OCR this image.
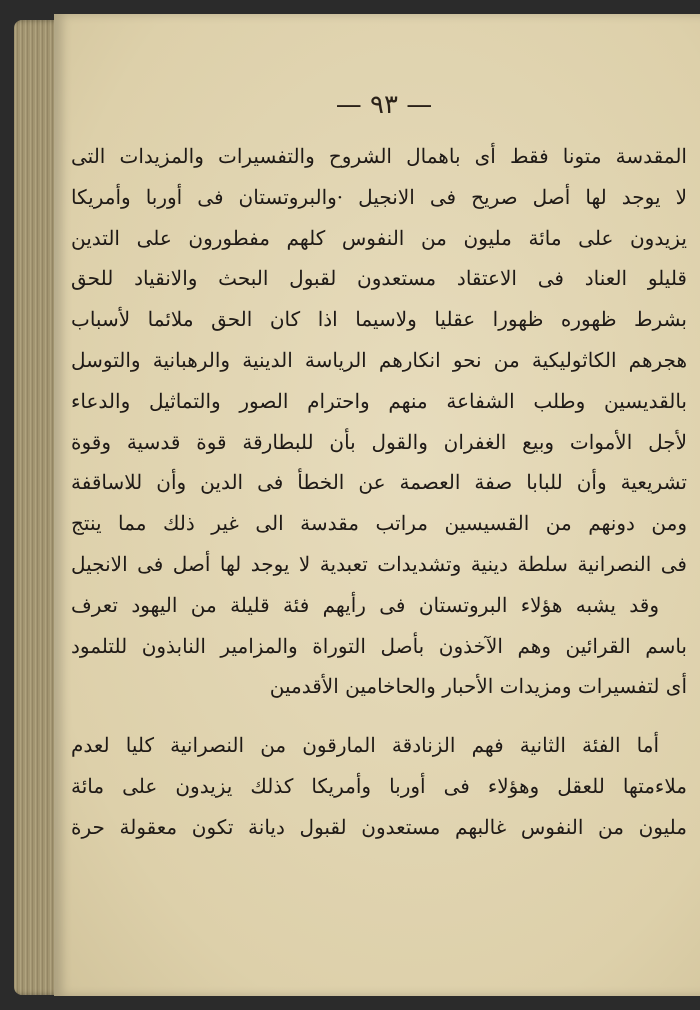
— ٩٣ —
المقدسة متونا فقط أى باهمال الشروح والتفسيرات والمزيدات التى
لا يوجد لها أصل صريح فى الانجيل ·والبروتستان فى أوربا وأمريكا
يزيدون على مائة مليون من النفوس كلهم مفطورون على التدين
قليلو العناد فى الاعتقاد مستعدون لقبول البحث والانقياد للحق
بشرط ظهوره ظهورا عقليا ولاسيما اذا كان الحق ملائما لأسباب
هجرهم الكاثوليكية من نحو انكارهم الرياسة الدينية والرهبانية والتوسل
بالقديسين وطلب الشفاعة منهم واحترام الصور والتماثيل والدعاء
لأجل الأموات وبيع الغفران والقول بأن للبطارقة قوة قدسية وقوة
تشريعية وأن للبابا صفة العصمة عن الخطأ فى الدين وأن للاساقفة
ومن دونهم من القسيسين مراتب مقدسة الى غير ذلك مما ينتج
فى النصرانية سلطة دينية وتشديدات تعبدية لا يوجد لها أصل فى الانجيل
وقد يشبه هؤلاء البروتستان فى رأيهم فئة قليلة من اليهود تعرف
باسم القرائين وهم الآخذون بأصل التوراة والمزامير النابذون للتلمود
أى لتفسيرات ومزيدات الأحبار والحاخامين الأقدمين
أما الفئة الثانية فهم الزنادقة المارقون من النصرانية كليا لعدم
ملاءمتها للعقل وهؤلاء فى أوربا وأمريكا كذلك يزيدون على مائة
مليون من النفوس غالبهم مستعدون لقبول ديانة تكون معقولة حرة
